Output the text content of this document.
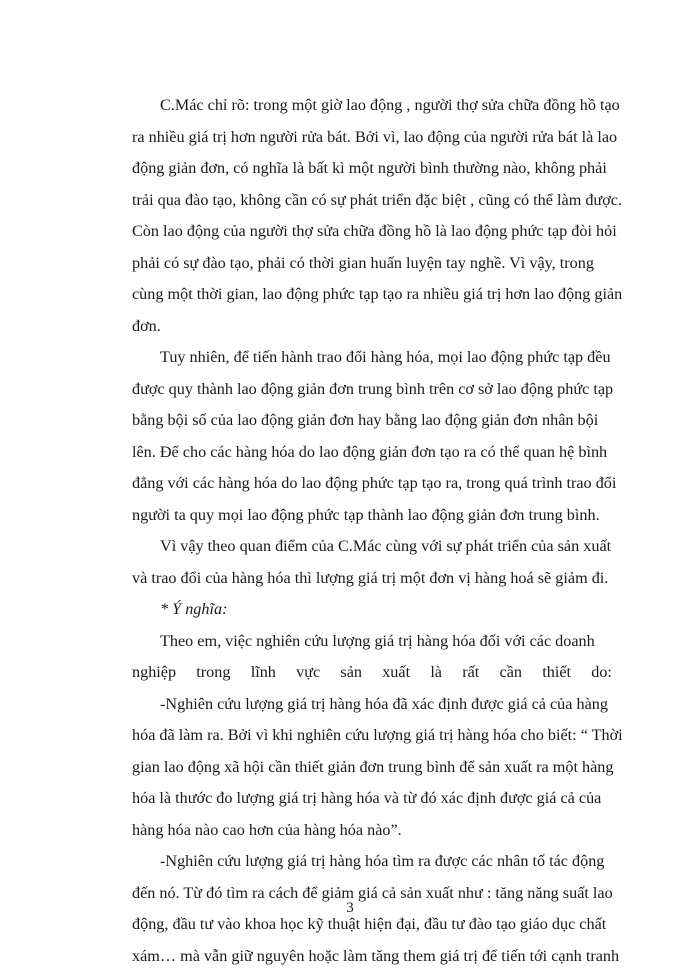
C.Mác chỉ rõ: trong một giờ lao động , người thợ sửa chữa đồng hồ tạo
ra nhiều giá trị hơn người rửa bát. Bởi vì, lao động của người rửa bát là lao
động giản đơn, có nghĩa là bất kì một người bình thường nào, không phải
trải qua đào tạo, không cần có sự phát triển đặc biệt , cũng có thể làm được.
Còn lao động của người thợ sửa chữa đồng hồ là lao động phức tạp đòi hỏi
phải có sự đào tạo, phải có thời gian huấn luyện tay nghề. Vì vậy, trong
cùng một thời gian, lao động phức tạp tạo ra nhiều giá trị hơn lao động giản
đơn.

Tuy nhiên, để tiến hành trao đổi hàng hóa, mọi lao động phức tạp đều
được quy thành lao động giản đơn trung bình trên cơ sở lao động phức tạp
bằng bội số của lao động giản đơn hay bằng lao động giản đơn nhân bội
lên. Để cho các hàng hóa do lao động giản đơn tạo ra có thể quan hệ bình
đẳng với các hàng hóa do lao động phức tạp tạo ra, trong quá trình trao đổi
người ta quy mọi lao động phức tạp thành lao động giản đơn trung bình.

Vì vậy theo quan điểm của C.Mác cùng với sự phát triển của sản xuất
và trao đổi của hàng hóa thì lượng giá trị một đơn vị hàng hoá sẽ giảm đi.

* Ý nghĩa:

Theo em, việc nghiên cứu lượng giá trị hàng hóa đối với các doanh
nghiệp     trong     lĩnh     vực     sản     xuất     là     rất     cần     thiết     do:

-Nghiên cứu lượng giá trị hàng hóa đã xác định được giá cả của hàng
hóa đã làm ra. Bởi vì khi nghiên cứu lượng giá trị hàng hóa cho biết: “ Thời
gian lao động xã hội cần thiết giản đơn trung bình để sản xuất ra một hàng
hóa là thước đo lượng giá trị hàng hóa và từ đó xác định được giá cả của
hàng hóa nào cao hơn của hàng hóa nào”.

-Nghiên cứu lượng giá trị hàng hóa tìm ra được các nhân tố tác động
đến nó. Từ đó tìm ra cách để giảm giá cả sản xuất như : tăng năng suất lao
động, đầu tư vào khoa học kỹ thuật hiện đại, đầu tư đào tạo giáo dục chất
xám… mà vẫn giữ nguyên hoặc làm tăng them giá trị để tiến tới cạnh tranh

3
